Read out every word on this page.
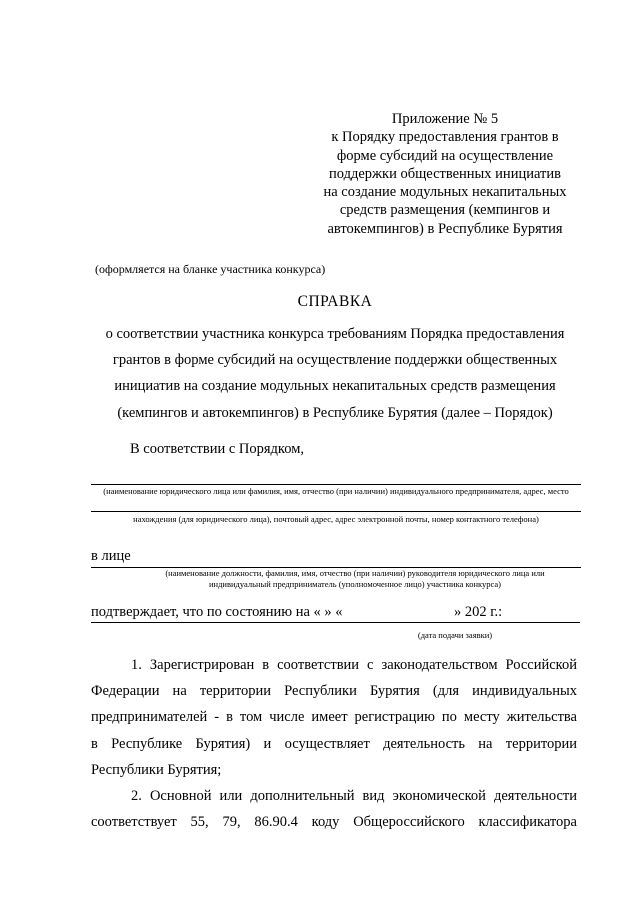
Приложение № 5
к Порядку предоставления грантов в
форме субсидий на осуществление
поддержки общественных инициатив
на создание модульных некапитальных
средств размещения (кемпингов и
автокемпингов) в Республике Бурятия
(оформляется на бланке участника конкурса)
СПРАВКА
о соответствии участника конкурса требованиям Порядка предоставления
грантов в форме субсидий на осуществление поддержки общественных
инициатив на создание модульных некапитальных средств размещения
(кемпингов и автокемпингов) в Республике Бурятия (далее – Порядок)
В соответствии с Порядком,
(наименование юридического лица или фамилия, имя, отчество (при наличии) индивидуального предпринимателя, адрес, место
нахождения (для юридического лица), почтовый адрес, адрес электронной почты, номер контактного телефона)
в лице
(наименование должности, фамилия, имя, отчество (при наличии) руководителя юридического лица или
индивидуальный предприниматель (уполномоченное лицо) участника конкурса)
подтверждает, что по состоянию на « » «	» 202 г.:
(дата подачи заявки)
1. Зарегистрирован в соответствии с законодательством Российской
Федерации на территории Республики Бурятия (для индивидуальных
предпринимателей - в том числе имеет регистрацию по месту жительства
в Республике Бурятия) и осуществляет деятельность на территории
Республики Бурятия;
2. Основной или дополнительный вид экономической деятельности
соответствует 55, 79, 86.90.4 коду Общероссийского классификатора
